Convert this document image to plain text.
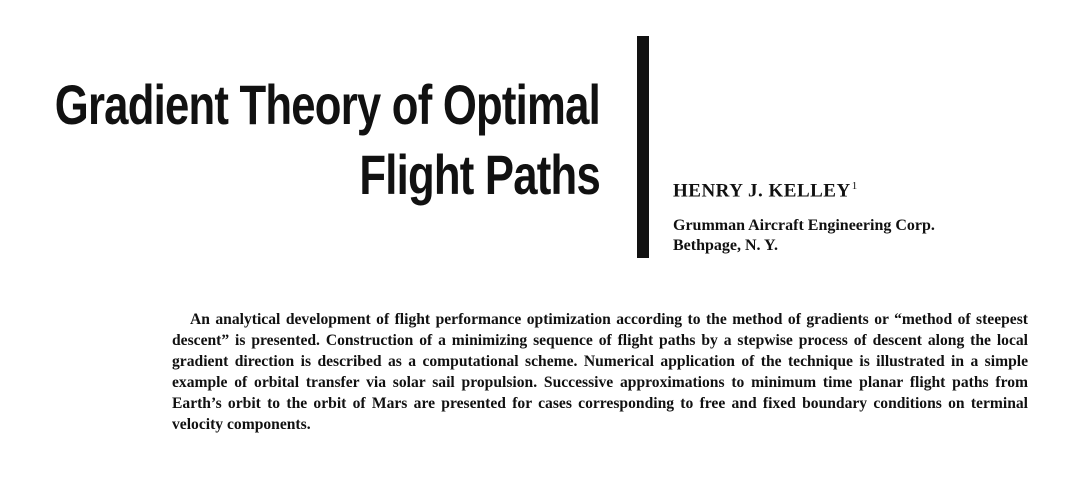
Gradient Theory of Optimal
Flight Paths	HENRY J. KELLEY$^1$
Grumman Aircraft Engineering Corp.
Bethpage, N. Y.

An analytical development of flight performance optimization according to the method of gradients or “method of steepest descent” is presented. Construction of a minimizing sequence of flight paths by a stepwise process of descent along the local gradient direction is described as a computational scheme. Numerical application of the technique is illustrated in a simple example of orbital transfer via solar sail propulsion. Successive approximations to minimum time planar flight paths from Earth’s orbit to the orbit of Mars are presented for cases corresponding to free and fixed boundary conditions on terminal velocity components.
